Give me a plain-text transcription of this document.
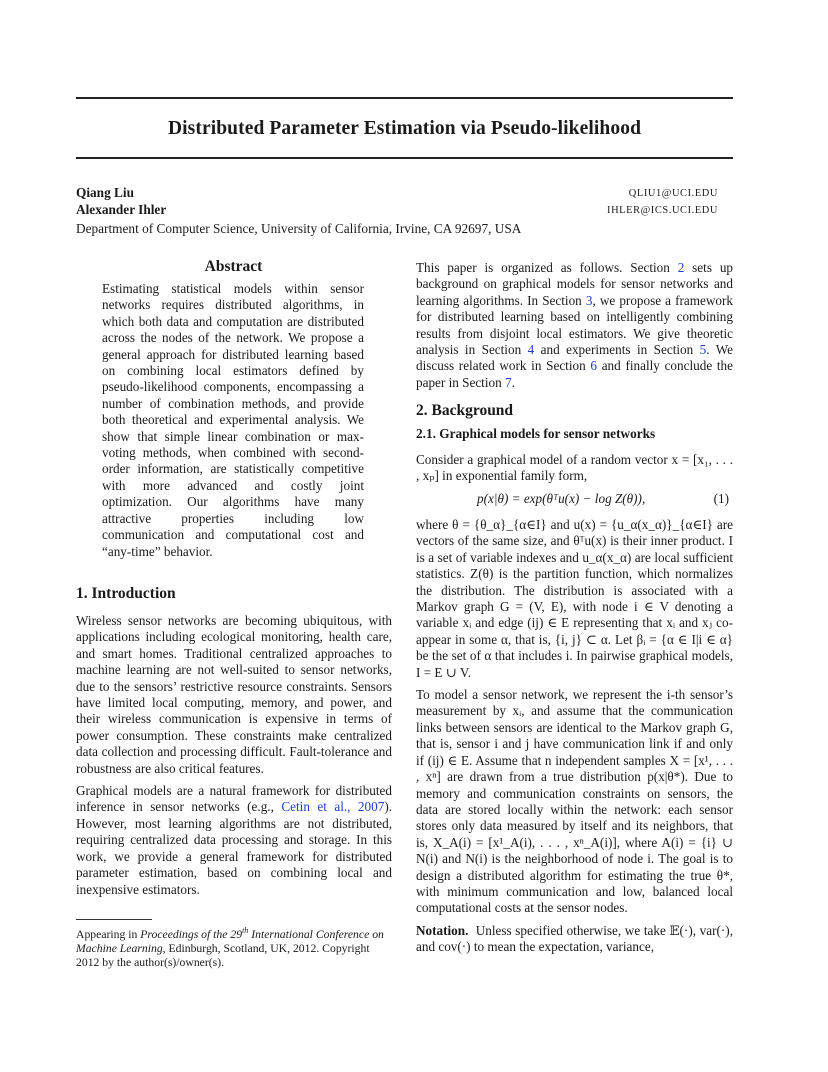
Distributed Parameter Estimation via Pseudo-likelihood
Qiang Liu	QLIU1@UCI.EDU
Alexander Ihler	IHLER@ICS.UCI.EDU
Department of Computer Science, University of California, Irvine, CA 92697, USA
Abstract

Estimating statistical models within sensor networks requires distributed algorithms, in which both data and computation are distributed across the nodes of the network. We propose a general approach for distributed learning based on combining local estimators defined by pseudo-likelihood components, encompassing a number of combination methods, and provide both theoretical and experimental analysis. We show that simple linear combination or max-voting methods, when combined with second-order information, are statistically competitive with more advanced and costly joint optimization. Our algorithms have many attractive properties including low communication and computational cost and “any-time” behavior.

1. Introduction

Wireless sensor networks are becoming ubiquitous, with applications including ecological monitoring, health care, and smart homes. Traditional centralized approaches to machine learning are not well-suited to sensor networks, due to the sensors’ restrictive resource constraints. Sensors have limited local computing, memory, and power, and their wireless communication is expensive in terms of power consumption. These constraints make centralized data collection and processing difficult. Fault-tolerance and robustness are also critical features.

Graphical models are a natural framework for distributed inference in sensor networks (e.g., Cetin et al., 2007). However, most learning algorithms are not distributed, requiring centralized data processing and storage. In this work, we provide a general framework for distributed parameter estimation, based on combining local and inexpensive estimators.

Appearing in Proceedings of the 29th International Conference on Machine Learning, Edinburgh, Scotland, UK, 2012. Copyright 2012 by the author(s)/owner(s).

This paper is organized as follows. Section 2 sets up background on graphical models for sensor networks and learning algorithms. In Section 3, we propose a framework for distributed learning based on intelligently combining results from disjoint local estimators. We give theoretic analysis in Section 4 and experiments in Section 5. We discuss related work in Section 6 and finally conclude the paper in Section 7.

2. Background
2.1. Graphical models for sensor networks

Consider a graphical model of a random vector x = [x₁, . . . , xₚ] in exponential family form,

p(x|θ) = exp(θᵀu(x) − log Z(θ)),	(1)

where θ = {θ_α}_{α∈I} and u(x) = {u_α(x_α)}_{α∈I} are vectors of the same size, and θᵀu(x) is their inner product. I is a set of variable indexes and u_α(x_α) are local sufficient statistics. Z(θ) is the partition function, which normalizes the distribution. The distribution is associated with a Markov graph G = (V, E), with node i ∈ V denoting a variable xᵢ and edge (ij) ∈ E representing that xᵢ and xⱼ co-appear in some α, that is, {i, j} ⊂ α. Let βᵢ = {α ∈ I|i ∈ α} be the set of α that includes i. In pairwise graphical models, I = E ∪ V.

To model a sensor network, we represent the i-th sensor’s measurement by xᵢ, and assume that the communication links between sensors are identical to the Markov graph G, that is, sensor i and j have communication link if and only if (ij) ∈ E. Assume that n independent samples X = [x¹, . . . , xⁿ] are drawn from a true distribution p(x|θ*). Due to memory and communication constraints on sensors, the data are stored locally within the network: each sensor stores only data measured by itself and its neighbors, that is, X_A(i) = [x¹_A(i), . . . , xⁿ_A(i)], where A(i) = {i} ∪ N(i) and N(i) is the neighborhood of node i. The goal is to design a distributed algorithm for estimating the true θ*, with minimum communication and low, balanced local computational costs at the sensor nodes.

Notation. Unless specified otherwise, we take 𝔼(·), var(·), and cov(·) to mean the expectation, variance,
